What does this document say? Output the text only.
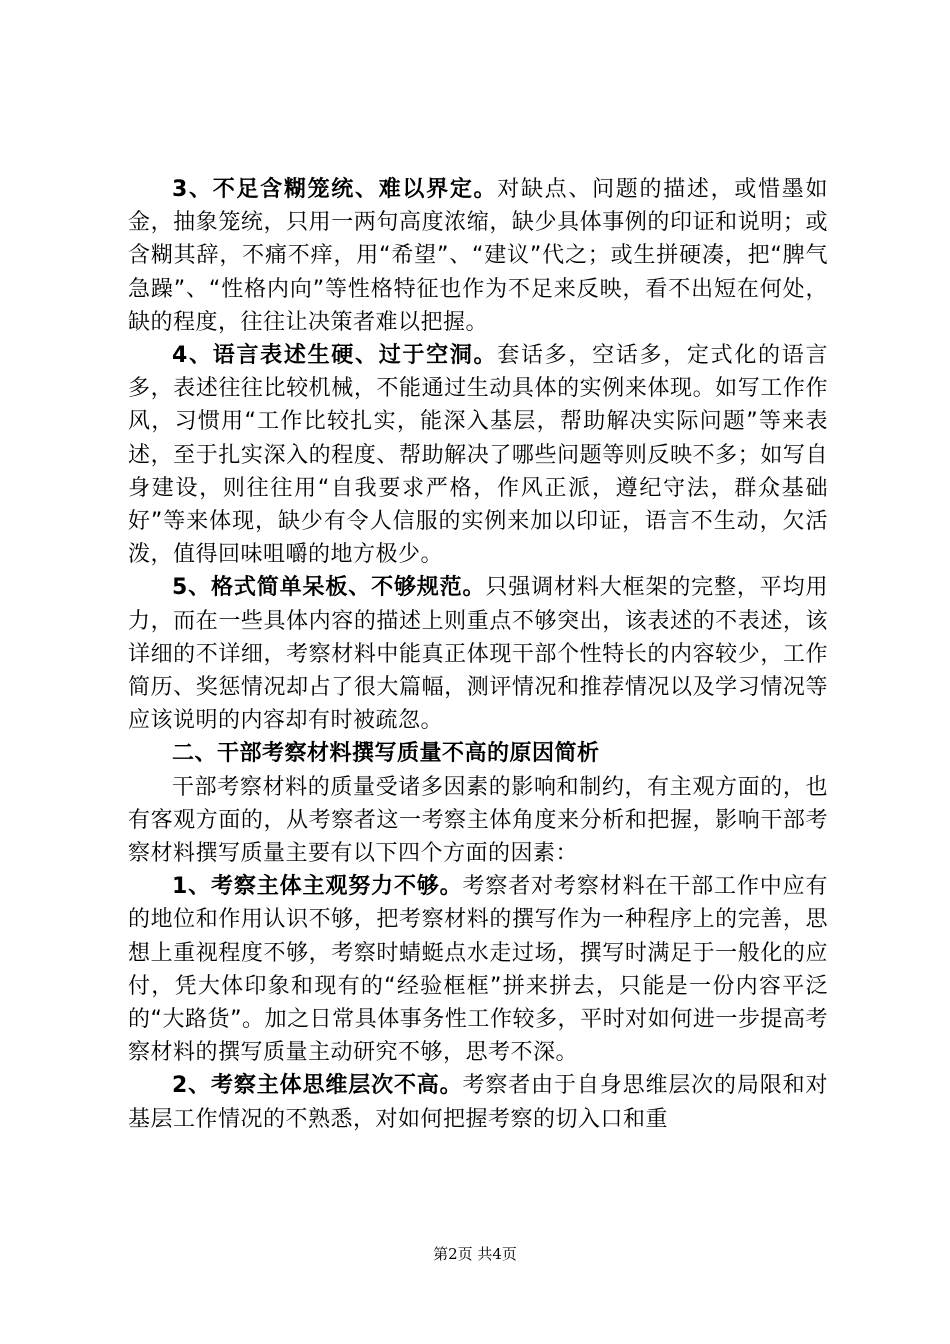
3、不足含糊笼统、难以界定。对缺点、问题的描述，或惜墨如金，抽象笼统，只用一两句高度浓缩，缺少具体事例的印证和说明；或含糊其辞，不痛不痒，用“希望”、“建议”代之；或生拼硬凑，把“脾气急躁”、“性格内向”等性格特征也作为不足来反映，看不出短在何处，缺的程度，往往让决策者难以把握。

4、语言表述生硬、过于空洞。套话多，空话多，定式化的语言多，表述往往比较机械，不能通过生动具体的实例来体现。如写工作作风，习惯用“工作比较扎实，能深入基层，帮助解决实际问题”等来表述，至于扎实深入的程度、帮助解决了哪些问题等则反映不多；如写自身建设，则往往用“自我要求严格，作风正派，遵纪守法，群众基础好”等来体现，缺少有令人信服的实例来加以印证，语言不生动，欠活泼，值得回味咀嚼的地方极少。

5、格式简单呆板、不够规范。只强调材料大框架的完整，平均用力，而在一些具体内容的描述上则重点不够突出，该表述的不表述，该详细的不详细，考察材料中能真正体现干部个性特长的内容较少，工作简历、奖惩情况却占了很大篇幅，测评情况和推荐情况以及学习情况等应该说明的内容却有时被疏忽。

二、干部考察材料撰写质量不高的原因简析

干部考察材料的质量受诸多因素的影响和制约，有主观方面的，也有客观方面的，从考察者这一考察主体角度来分析和把握，影响干部考察材料撰写质量主要有以下四个方面的因素：

1、考察主体主观努力不够。考察者对考察材料在干部工作中应有的地位和作用认识不够，把考察材料的撰写作为一种程序上的完善，思想上重视程度不够，考察时蜻蜓点水走过场，撰写时满足于一般化的应付，凭大体印象和现有的“经验框框”拼来拼去，只能是一份内容平泛的“大路货”。加之日常具体事务性工作较多，平时对如何进一步提高考察材料的撰写质量主动研究不够，思考不深。

2、考察主体思维层次不高。考察者由于自身思维层次的局限和对基层工作情况的不熟悉，对如何把握考察的切入口和重

第2页 共4页
